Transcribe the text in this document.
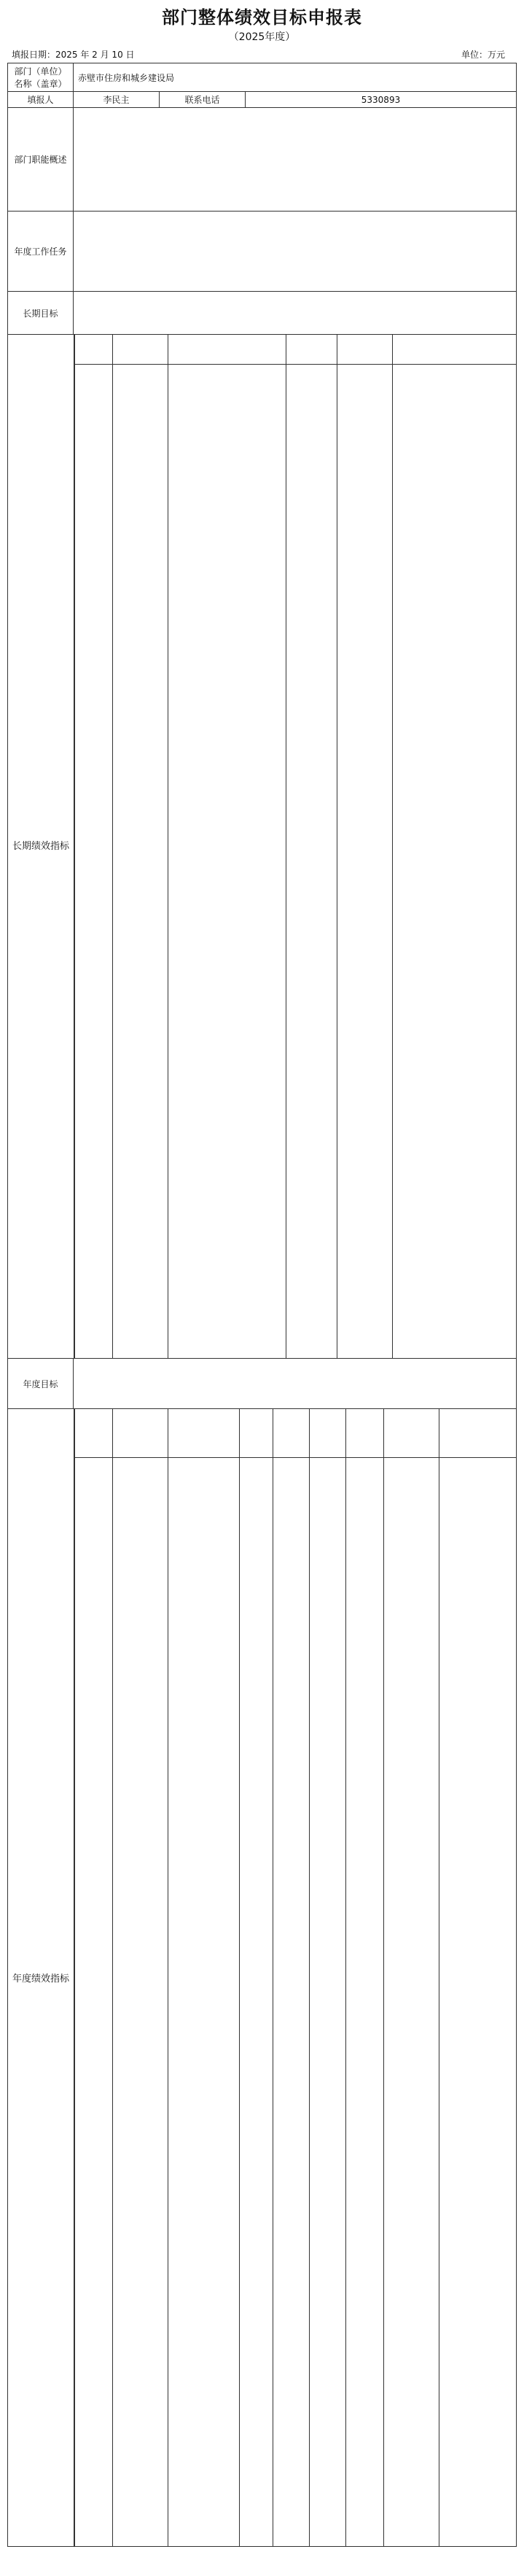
部门整体绩效目标申报表
（2025年度）
填报日期：2025 年 2 月 10 日	单位：万元
部门（单位）名称（盖章）	赤壁市住房和城乡建设局		
填报人	李民主	联系电话	5330893
部门职能概述
年度工作任务
长期目标
长期绩效指标
年度目标
年度绩效指标
